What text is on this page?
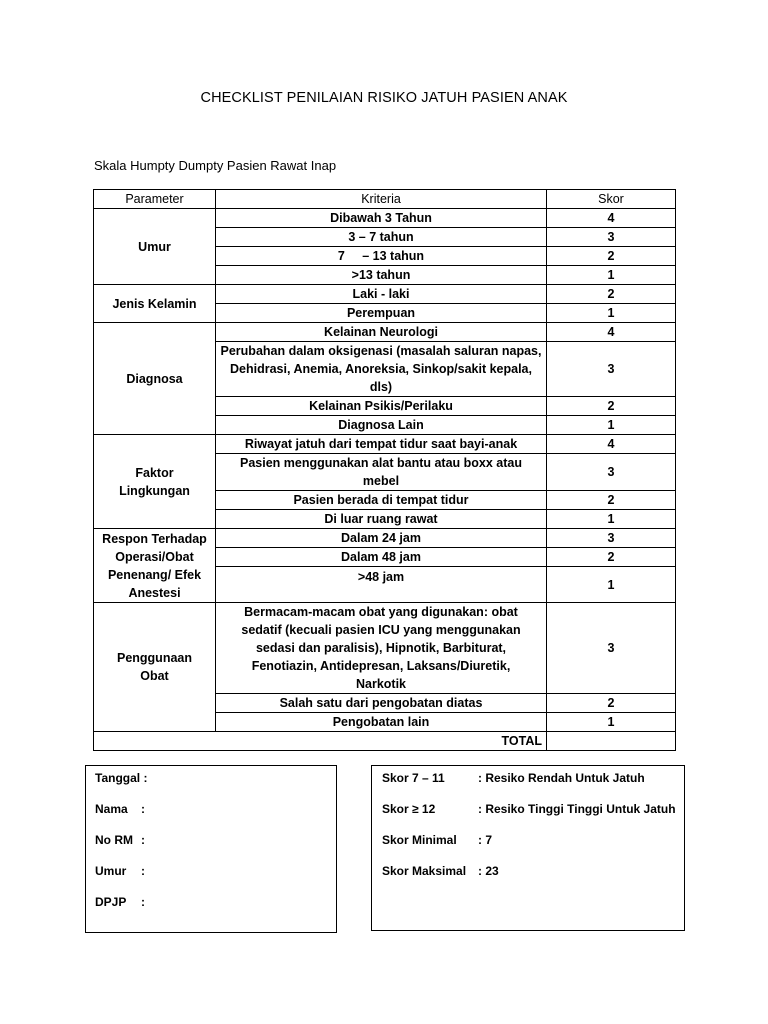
CHECKLIST PENILAIAN RISIKO JATUH PASIEN ANAK
Skala Humpty Dumpty Pasien Rawat Inap
Parameter	Kriteria	Skor
Umur	Dibawah 3 Tahun	4
	3 – 7 tahun	3
	7     – 13 tahun	2
	>13 tahun	1
Jenis Kelamin	Laki - laki	2
	Perempuan	1
Diagnosa	Kelainan Neurologi	4
	Perubahan dalam oksigenasi (masalah saluran napas, Dehidrasi, Anemia, Anoreksia, Sinkop/sakit kepala, dls)	3
	Kelainan Psikis/Perilaku	2
	Diagnosa Lain	1
Faktor Lingkungan	Riwayat jatuh dari tempat tidur saat bayi-anak	4
	Pasien menggunakan alat bantu atau boxx atau mebel	3
	Pasien berada di tempat tidur	2
	Di luar ruang rawat	1
Respon Terhadap Operasi/Obat Penenang/ Efek Anestesi	Dalam 24 jam	3
	Dalam 48 jam	2
	>48 jam	1
Penggunaan Obat	Bermacam-macam obat yang digunakan: obat sedatif (kecuali pasien ICU yang menggunakan sedasi dan paralisis), Hipnotik, Barbiturat, Fenotiazin, Antidepresan, Laksans/Diuretik, Narkotik	3
	Salah satu dari pengobatan diatas	2
	Pengobatan lain	1
TOTAL		
Tanggal :
Nama :
No RM :
Umur :
DPJP :
Skor 7 – 11	: Resiko Rendah Untuk Jatuh
Skor ≥ 12	: Resiko Tinggi Tinggi Untuk Jatuh
Skor Minimal : 7
Skor Maksimal : 23
